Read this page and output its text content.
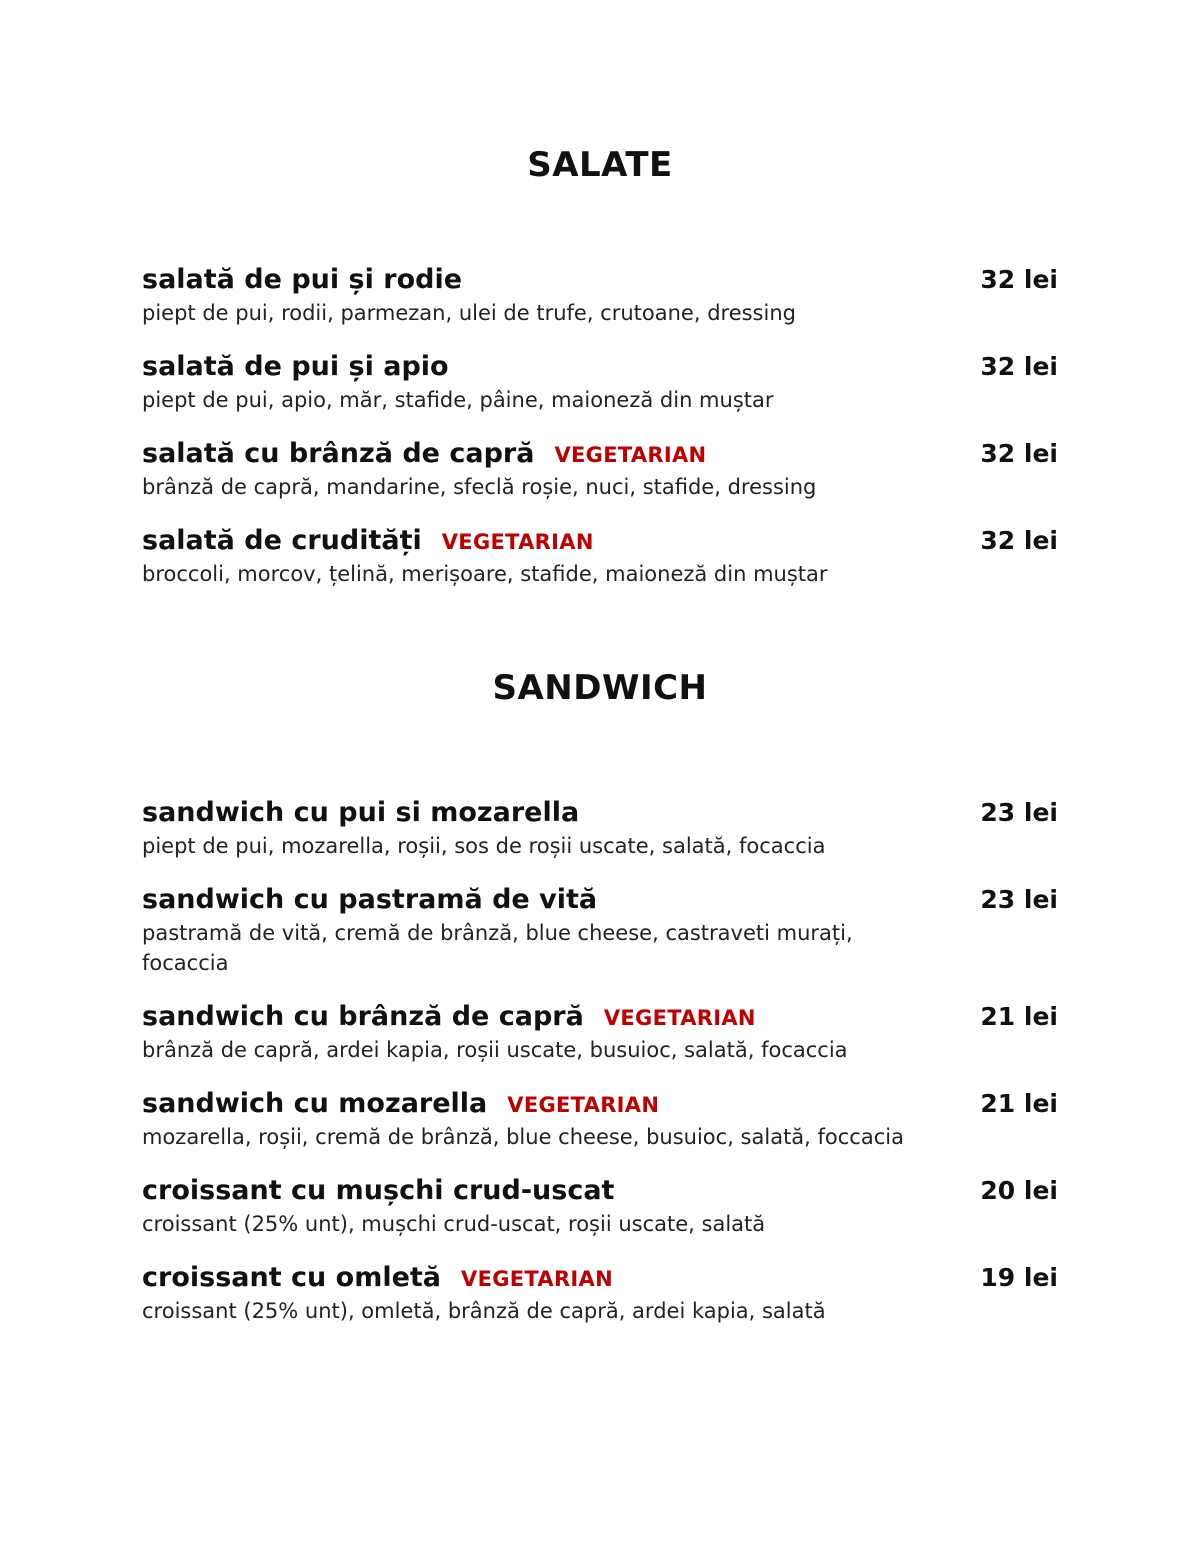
SALATE
salată de pui și rodie	32 lei
piept de pui, rodii, parmezan, ulei de trufe, crutoane, dressing
salată de pui și apio	32 lei
piept de pui, apio, măr, stafide, pâine, maioneză din muștar
salată cu brânză de capră VEGETARIAN	32 lei
brânză de capră, mandarine, sfeclă roșie, nuci, stafide, dressing
salată de crudități VEGETARIAN	32 lei
broccoli, morcov, țelină, merișoare, stafide, maioneză din muștar
SANDWICH
sandwich cu pui si mozarella	23 lei
piept de pui, mozarella, roșii, sos de roșii uscate, salată, focaccia
sandwich cu pastramă de vită	23 lei
pastramă de vită, cremă de brânză, blue cheese, castraveti murați, focaccia
sandwich cu brânză de capră VEGETARIAN	21 lei
brânză de capră, ardei kapia, roșii uscate, busuioc, salată, focaccia
sandwich cu mozarella VEGETARIAN	21 lei
mozarella, roșii, cremă de brânză, blue cheese, busuioc, salată, foccacia
croissant cu mușchi crud-uscat	20 lei
croissant (25% unt), mușchi crud-uscat, roșii uscate, salată
croissant cu omletă VEGETARIAN	19 lei
croissant (25% unt), omletă, brânză de capră, ardei kapia, salată
